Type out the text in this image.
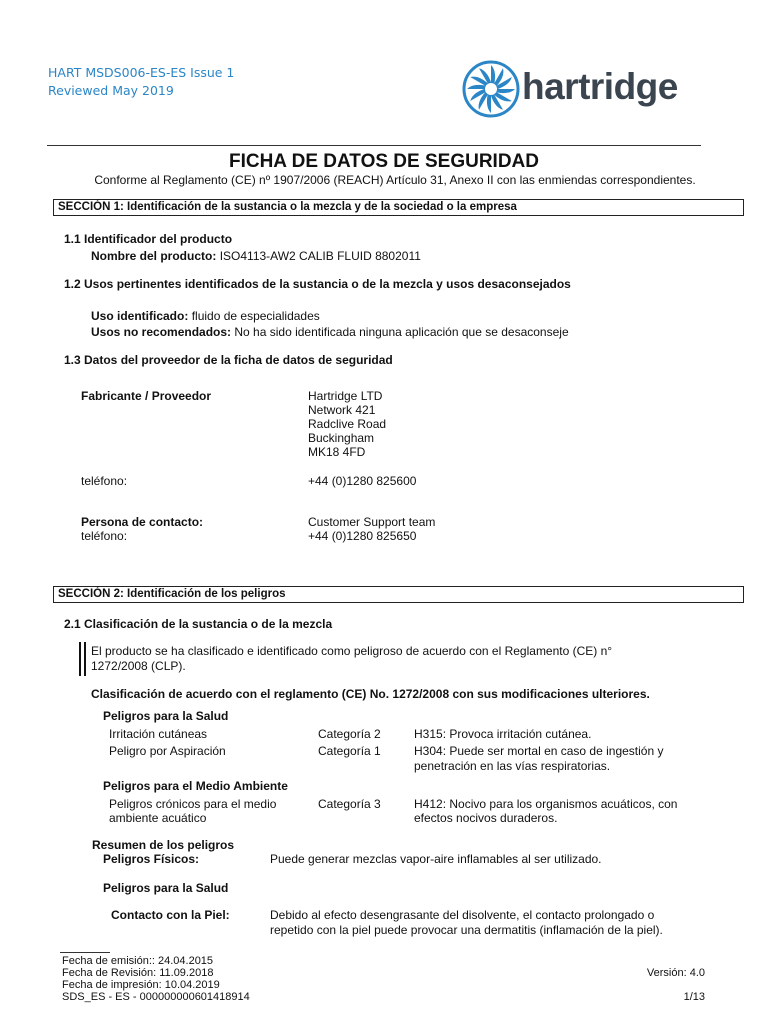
HART MSDS006-ES-ES Issue 1
Reviewed May 2019	hartridge
FICHA DE DATOS DE SEGURIDAD
Conforme al Reglamento (CE) nº 1907/2006 (REACH) Artículo 31, Anexo II con las enmiendas correspondientes.
SECCIÓN 1: Identificación de la sustancia o la mezcla y de la sociedad o la empresa
1.1 Identificador del producto
Nombre del producto: ISO4113-AW2 CALIB FLUID 8802011
1.2 Usos pertinentes identificados de la sustancia o de la mezcla y usos desaconsejados
Uso identificado: fluido de especialidades
Usos no recomendados: No ha sido identificada ninguna aplicación que se desaconseje
1.3 Datos del proveedor de la ficha de datos de seguridad
Fabricante / Proveedor	Hartridge LTD
Network 421
Radclive Road
Buckingham
MK18 4FD
teléfono:	+44 (0)1280 825600
Persona de contacto:	Customer Support team
teléfono:	+44 (0)1280 825650
SECCIÓN 2: Identificación de los peligros
2.1 Clasificación de la sustancia o de la mezcla
El producto se ha clasificado e identificado como peligroso de acuerdo con el Reglamento (CE) n°
1272/2008 (CLP).
Clasificación de acuerdo con el reglamento (CE) No. 1272/2008 con sus modificaciones ulteriores.
Peligros para la Salud
Irritación cutáneas	Categoría 2	H315: Provoca irritación cutánea.
Peligro por Aspiración	Categoría 1	H304: Puede ser mortal en caso de ingestión y
penetración en las vías respiratorias.
Peligros para el Medio Ambiente
Peligros crónicos para el medio
ambiente acuático
Categoría 3	H412: Nocivo para los organismos acuáticos, con
efectos nocivos duraderos.
Resumen de los peligros
Peligros Físicos:	Puede generar mezclas vapor-aire inflamables al ser utilizado.
Peligros para la Salud
Contacto con la Piel:	Debido al efecto desengrasante del disolvente, el contacto prolongado o
repetido con la piel puede provocar una dermatitis (inflamación de la piel).
Fecha de emisión:: 24.04.2015
Fecha de Revisión: 11.09.2018
Fecha de impresión: 10.04.2019
SDS_ES - ES - 000000000601418914
Versión: 4.0
1/13
